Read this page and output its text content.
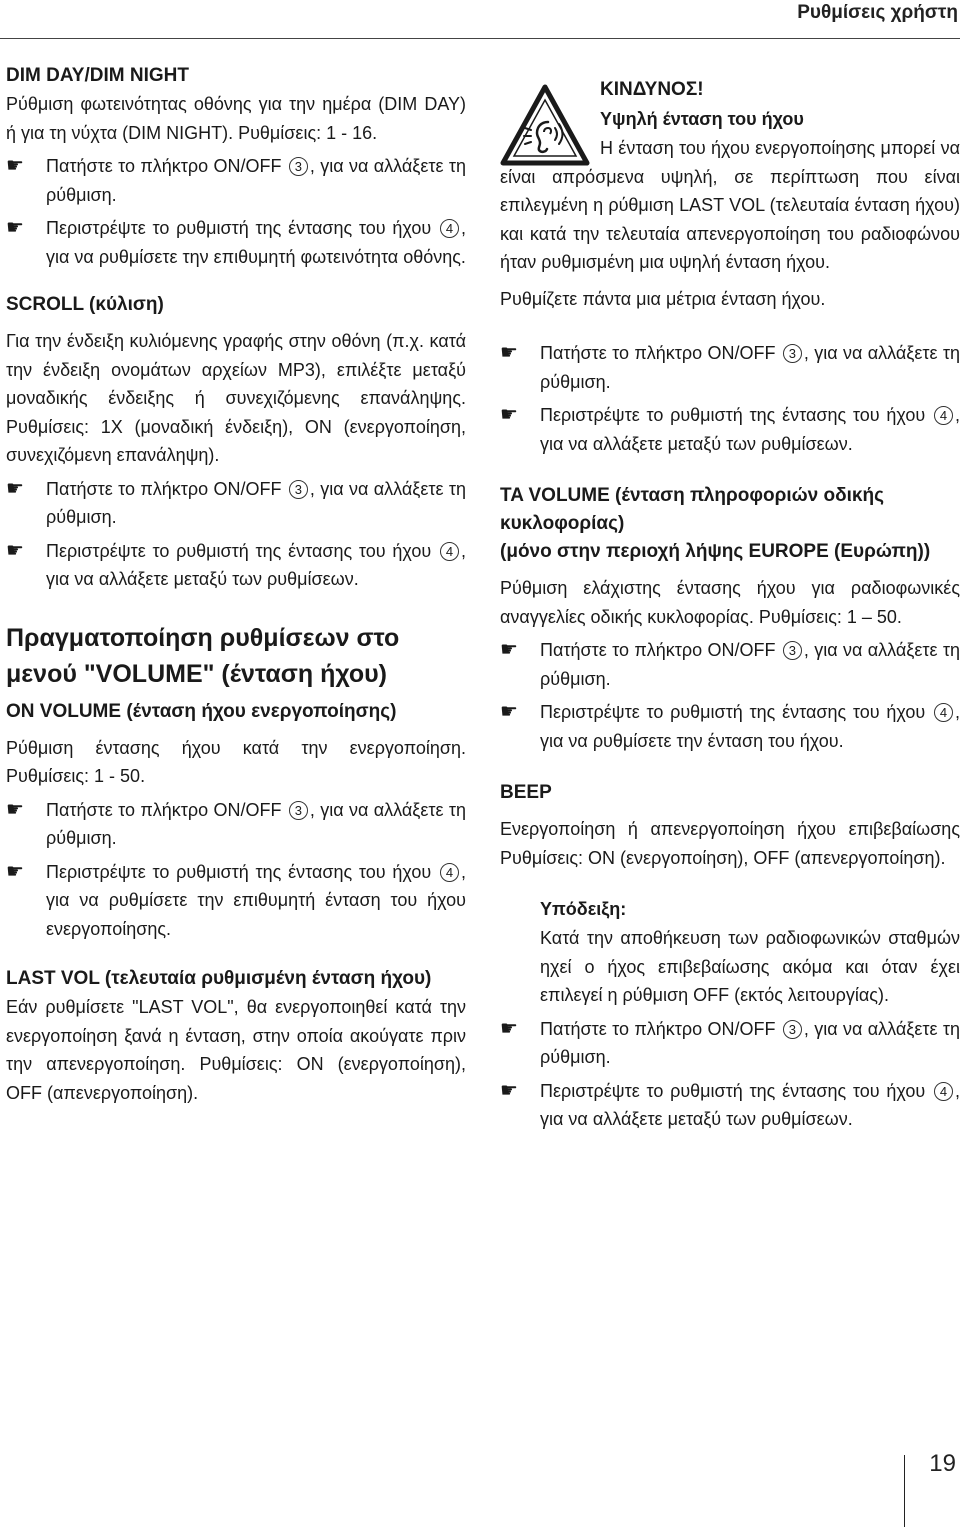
Ρυθμίσεις χρήστη
DIM DAY/DIM NIGHT
Ρύθμιση φωτεινότητας οθόνης για την ημέρα (DIM DAY) ή για τη νύχτα (DIM NIGHT). Ρυθμίσεις: 1 - 16.
☛ Πατήστε το πλήκτρο ON/OFF 3 , για να αλλάξετε τη ρύθμιση.
☛ Περιστρέψτε το ρυθμιστή της έντασης του ήχου 4 , για να ρυθμίσετε την επιθυμητή φωτεινότητα οθόνης.
SCROLL (κύλιση)
Για την ένδειξη κυλιόμενης γραφής στην οθόνη (π.χ. κατά την ένδειξη ονομάτων αρχείων MP3), επιλέξτε μεταξύ μοναδικής ένδειξης ή συνεχιζόμενης επανάληψης. Ρυθμίσεις: 1X (μοναδική ένδειξη), ON (ενεργοποίηση, συνεχιζόμενη επανάληψη).
☛ Πατήστε το πλήκτρο ON/OFF 3 , για να αλλάξετε τη ρύθμιση.
☛ Περιστρέψτε το ρυθμιστή της έντασης του ήχου 4 , για να αλλάξετε μεταξύ των ρυθμίσεων.
Πραγματοποίηση ρυθμίσεων στο μενού "VOLUME" (ένταση ήχου)
ON VOLUME (ένταση ήχου ενεργοποίησης)
Ρύθμιση έντασης ήχου κατά την ενεργοποίηση. Ρυθμίσεις: 1 - 50.
☛ Πατήστε το πλήκτρο ON/OFF 3 , για να αλλάξετε τη ρύθμιση.
☛ Περιστρέψτε το ρυθμιστή της έντασης του ήχου 4 , για να ρυθμίσετε την επιθυμητή ένταση του ήχου ενεργοποίησης.
LAST VOL (τελευταία ρυθμισμένη ένταση ήχου)
Εάν ρυθμίσετε "LAST VOL", θα ενεργοποιηθεί κατά την ενεργοποίηση ξανά η ένταση, στην οποία ακούγατε πριν την απενεργοποίηση. Ρυθμίσεις: ON (ενεργοποίηση), OFF (απενεργοποίηση).
ΚΙΝΔΥΝΟΣ!
Υψηλή ένταση του ήχου
Η ένταση του ήχου ενεργοποίησης μπορεί να είναι απρόσμενα υψηλή, σε περίπτωση που είναι επιλεγμένη η ρύθμιση LAST VOL (τελευταία ένταση ήχου) και κατά την τελευταία απενεργοποίηση του ραδιοφώνου ήταν ρυθμισμένη μια υψηλή ένταση ήχου.
Ρυθμίζετε πάντα μια μέτρια ένταση ήχου.
☛ Πατήστε το πλήκτρο ON/OFF 3 , για να αλλάξετε τη ρύθμιση.
☛ Περιστρέψτε το ρυθμιστή της έντασης του ήχου 4 , για να αλλάξετε μεταξύ των ρυθμίσεων.
TA VOLUME (ένταση πληροφοριών οδικής κυκλοφορίας)
(μόνο στην περιοχή λήψης EUROPE (Ευρώπη))
Ρύθμιση ελάχιστης έντασης ήχου για ραδιοφωνικές αναγγελίες οδικής κυκλοφορίας. Ρυθμίσεις: 1 – 50.
☛ Πατήστε το πλήκτρο ON/OFF 3 , για να αλλάξετε τη ρύθμιση.
☛ Περιστρέψτε το ρυθμιστή της έντασης του ήχου 4 , για να ρυθμίσετε την ένταση του ήχου.
BEEP
Ενεργοποίηση ή απενεργοποίηση ήχου επιβεβαίωσης Ρυθμίσεις: ON (ενεργοποίηση), OFF (απενεργοποίηση).
Υπόδειξη:
Κατά την αποθήκευση των ραδιοφωνικών σταθμών ηχεί ο ήχος επιβεβαίωσης ακόμα και όταν έχει επιλεγεί η ρύθμιση OFF (εκτός λειτουργίας).
☛ Πατήστε το πλήκτρο ON/OFF 3 , για να αλλάξετε τη ρύθμιση.
☛ Περιστρέψτε το ρυθμιστή της έντασης του ήχου 4 , για να αλλάξετε μεταξύ των ρυθμίσεων.
19
